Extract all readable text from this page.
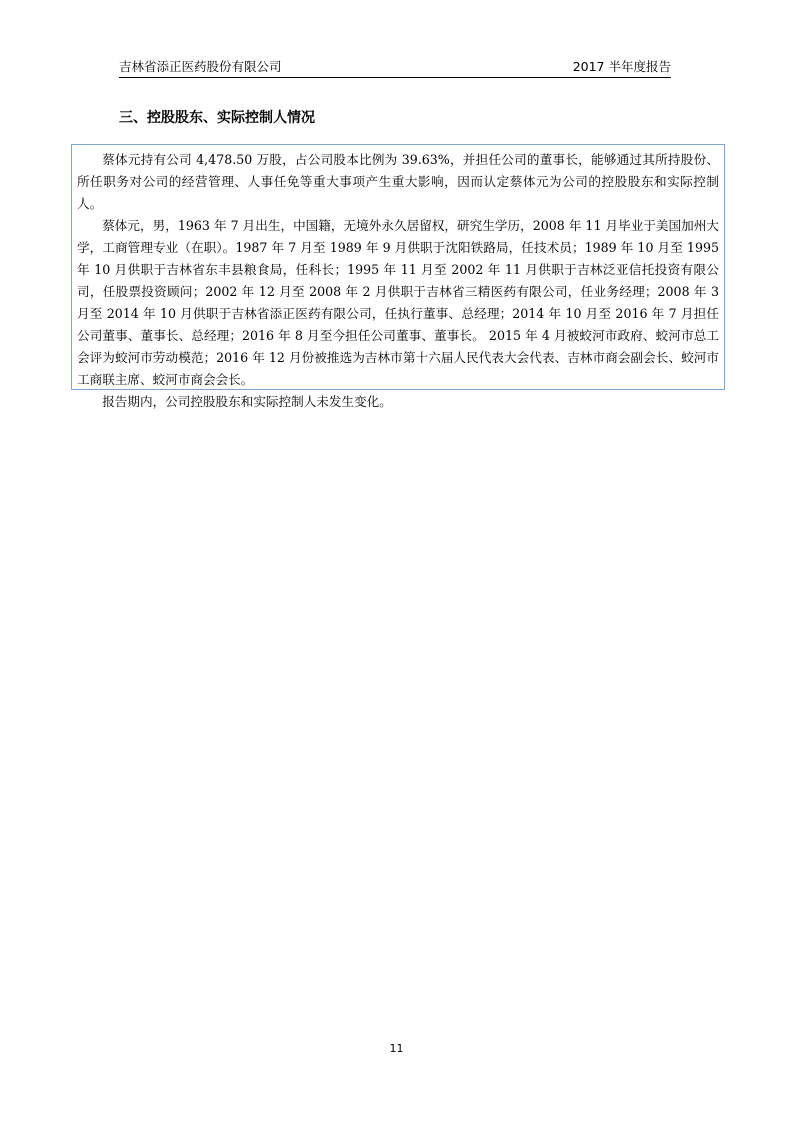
吉林省添正医药股份有限公司	2017 半年度报告
三、控股股东、实际控制人情况

蔡体元持有公司 4,478.50 万股，占公司股本比例为 39.63%，并担任公司的董事长，能够通过其所持股份、所任职务对公司的经营管理、人事任免等重大事项产生重大影响，因而认定蔡体元为公司的控股股东和实际控制人。

蔡体元，男，1963 年 7 月出生，中国籍，无境外永久居留权，研究生学历，2008 年 11 月毕业于美国加州大学，工商管理专业（在职）。1987 年 7 月至 1989 年 9 月供职于沈阳铁路局，任技术员；1989 年 10 月至 1995 年 10 月供职于吉林省东丰县粮食局，任科长；1995 年 11 月至 2002 年 11 月供职于吉林泛亚信托投资有限公司，任股票投资顾问；2002 年 12 月至 2008 年 2 月供职于吉林省三精医药有限公司，任业务经理；2008 年 3 月至 2014 年 10 月供职于吉林省添正医药有限公司，任执行董事、总经理；2014 年 10 月至 2016 年 7 月担任公司董事、董事长、总经理；2016 年 8 月至今担任公司董事、董事长。 2015 年 4 月被蛟河市政府、蛟河市总工会评为蛟河市劳动模范；2016 年 12 月份被推选为吉林市第十六届人民代表大会代表、吉林市商会副会长、蛟河市工商联主席、蛟河市商会会长。

报告期内，公司控股股东和实际控制人未发生变化。

11
